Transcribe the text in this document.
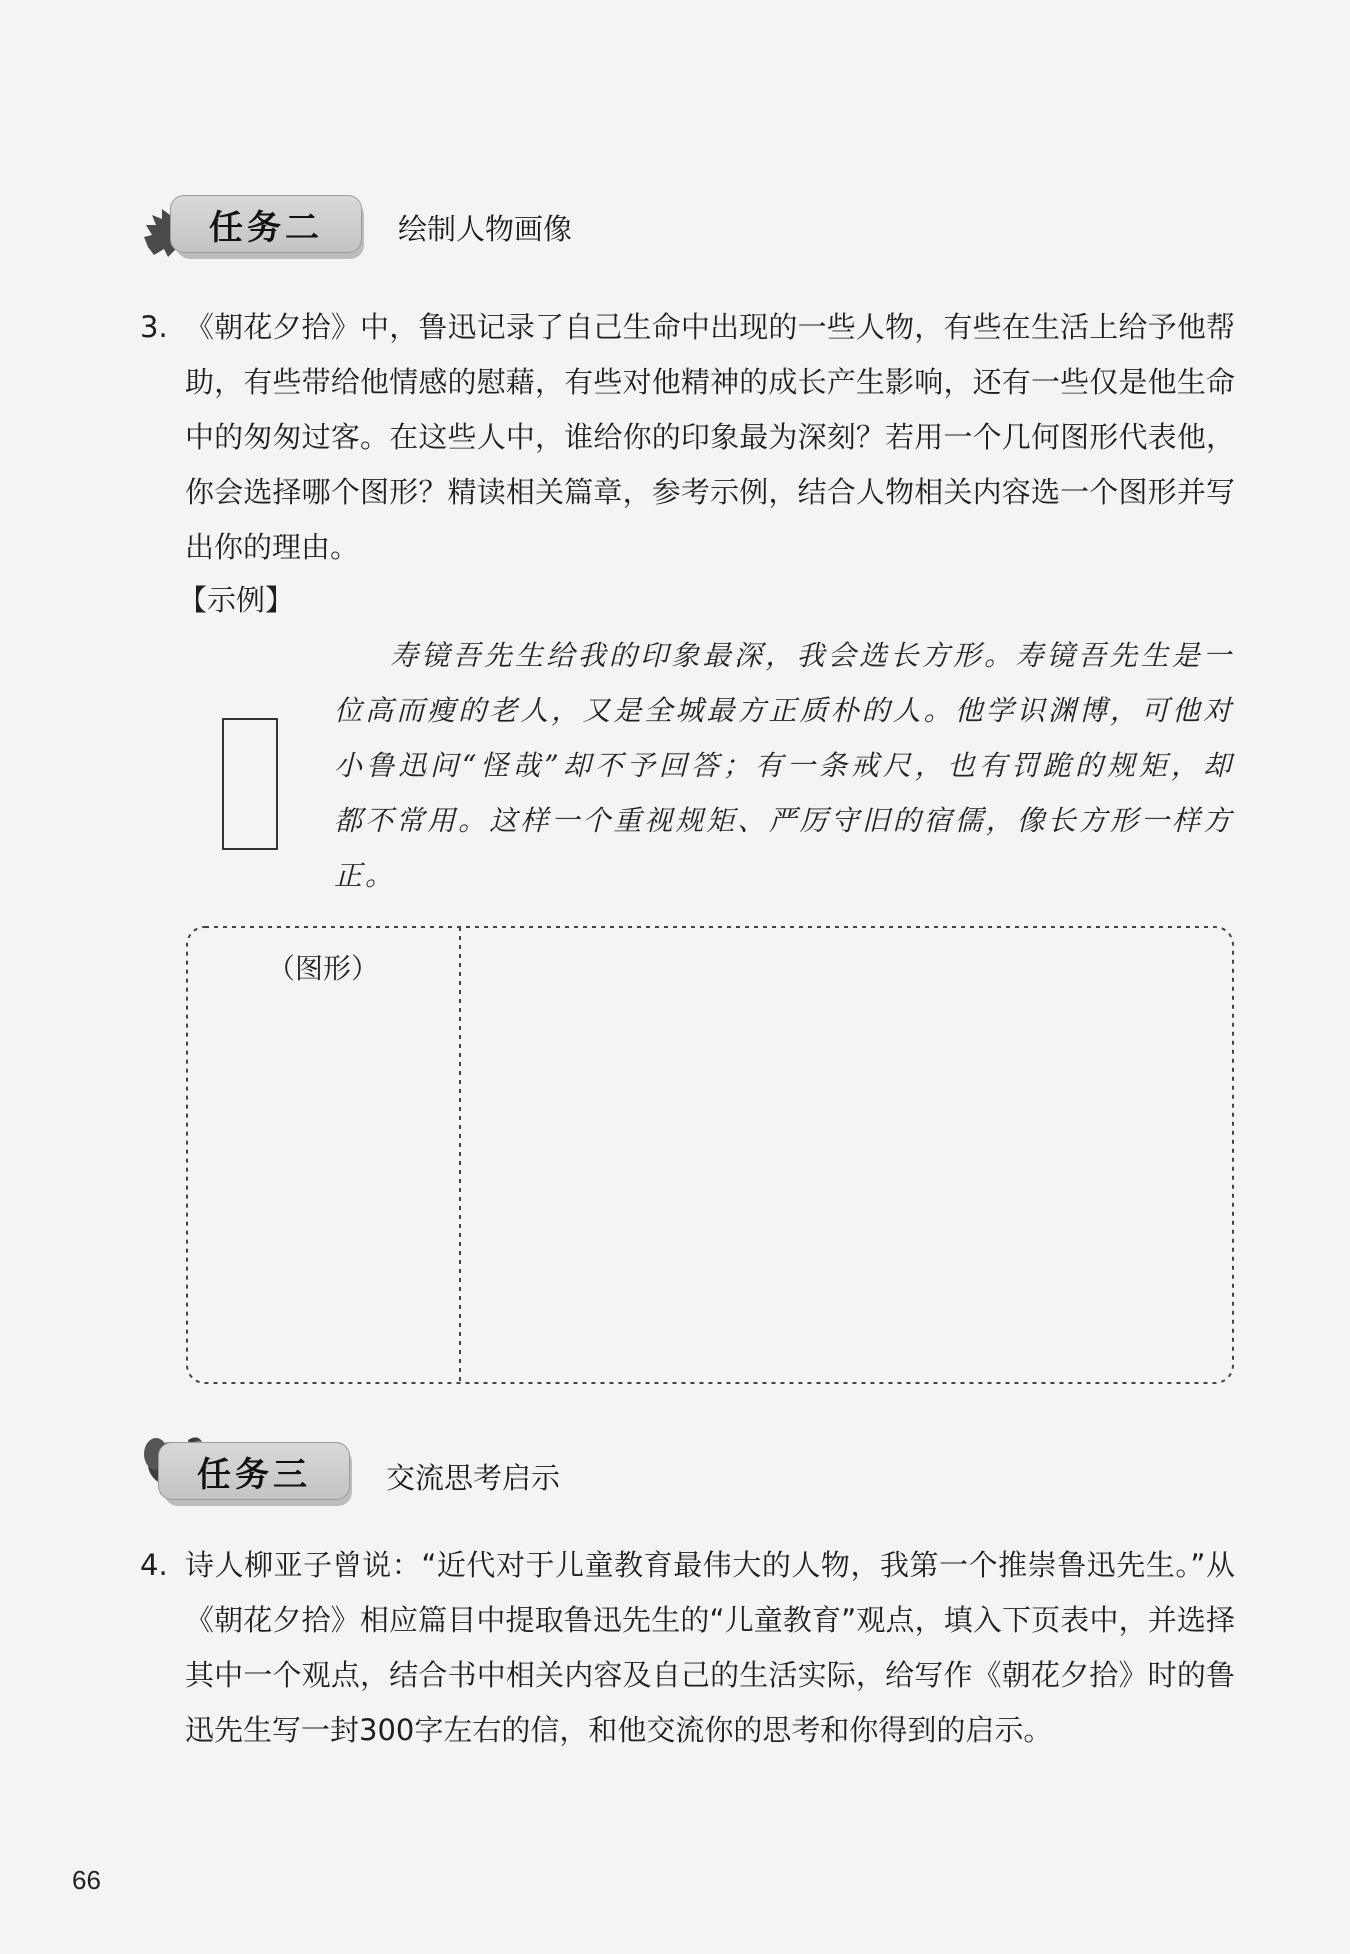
任务二	绘制人物画像
3. 《朝花夕拾》中，鲁迅记录了自己生命中出现的一些人物，有些在生活上给予他帮助，有些带给他情感的慰藉，有些对他精神的成长产生影响，还有一些仅是他生命中的匆匆过客。在这些人中，谁给你的印象最为深刻？若用一个几何图形代表他，你会选择哪个图形？精读相关篇章，参考示例，结合人物相关内容选一个图形并写出你的理由。
【示例】
寿镜吾先生给我的印象最深，我会选长方形。寿镜吾先生是一位高而瘦的老人，又是全城最方正质朴的人。他学识渊博，可他对小鲁迅问“怪哉”却不予回答；有一条戒尺，也有罚跪的规矩，却都不常用。这样一个重视规矩、严厉守旧的宿儒，像长方形一样方正。
（图形）
任务三	交流思考启示
4. 诗人柳亚子曾说：“近代对于儿童教育最伟大的人物，我第一个推崇鲁迅先生。”从《朝花夕拾》相应篇目中提取鲁迅先生的“儿童教育”观点，填入下页表中，并选择其中一个观点，结合书中相关内容及自己的生活实际，给写作《朝花夕拾》时的鲁迅先生写一封300字左右的信，和他交流你的思考和你得到的启示。
66
